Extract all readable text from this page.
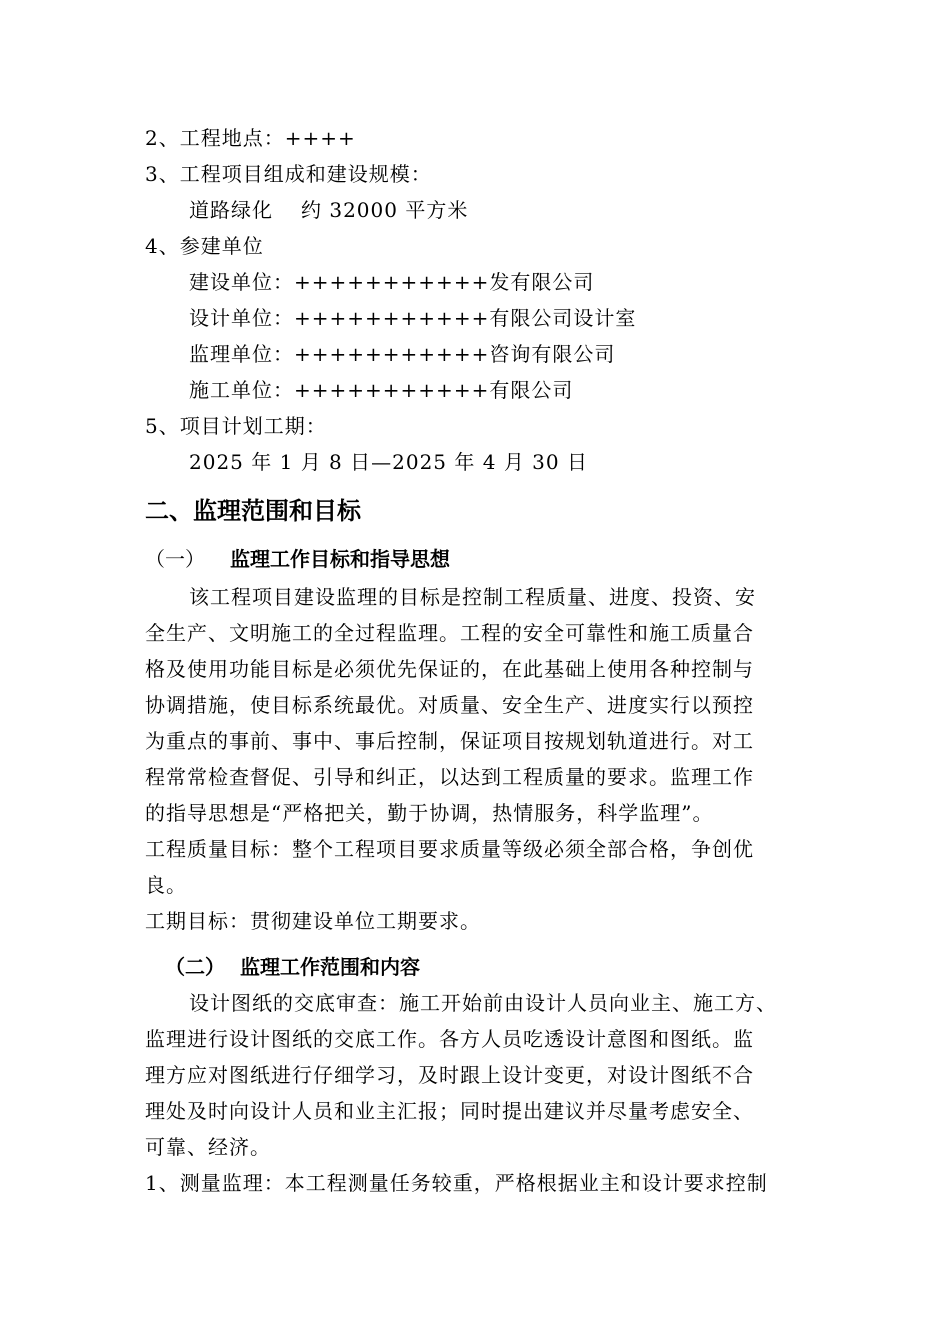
2、工程地点：++++
3、工程项目组成和建设规模：
道路绿化 约 32000 平方米
4、参建单位
建设单位：+++++++++++发有限公司
设计单位：+++++++++++有限公司设计室
监理单位：+++++++++++咨询有限公司
施工单位：+++++++++++有限公司
5、项目计划工期：
2025 年 1 月 8 日—2025 年 4 月 30 日
二、监理范围和目标
（一） 监理工作目标和指导思想
该工程项目建设监理的目标是控制工程质量、进度、投资、安
全生产、文明施工的全过程监理。工程的安全可靠性和施工质量合
格及使用功能目标是必须优先保证的，在此基础上使用各种控制与
协调措施，使目标系统最优。对质量、安全生产、进度实行以预控
为重点的事前、事中、事后控制，保证项目按规划轨道进行。对工
程常常检查督促、引导和纠正，以达到工程质量的要求。监理工作
的指导思想是“严格把关，勤于协调，热情服务，科学监理”。
工程质量目标：整个工程项目要求质量等级必须全部合格，争创优
良。
工期目标：贯彻建设单位工期要求。
（二） 监理工作范围和内容
设计图纸的交底审查：施工开始前由设计人员向业主、施工方、
监理进行设计图纸的交底工作。各方人员吃透设计意图和图纸。监
理方应对图纸进行仔细学习，及时跟上设计变更，对设计图纸不合
理处及时向设计人员和业主汇报；同时提出建议并尽量考虑安全、
可靠、经济。
1、测量监理：本工程测量任务较重，严格根据业主和设计要求控制
